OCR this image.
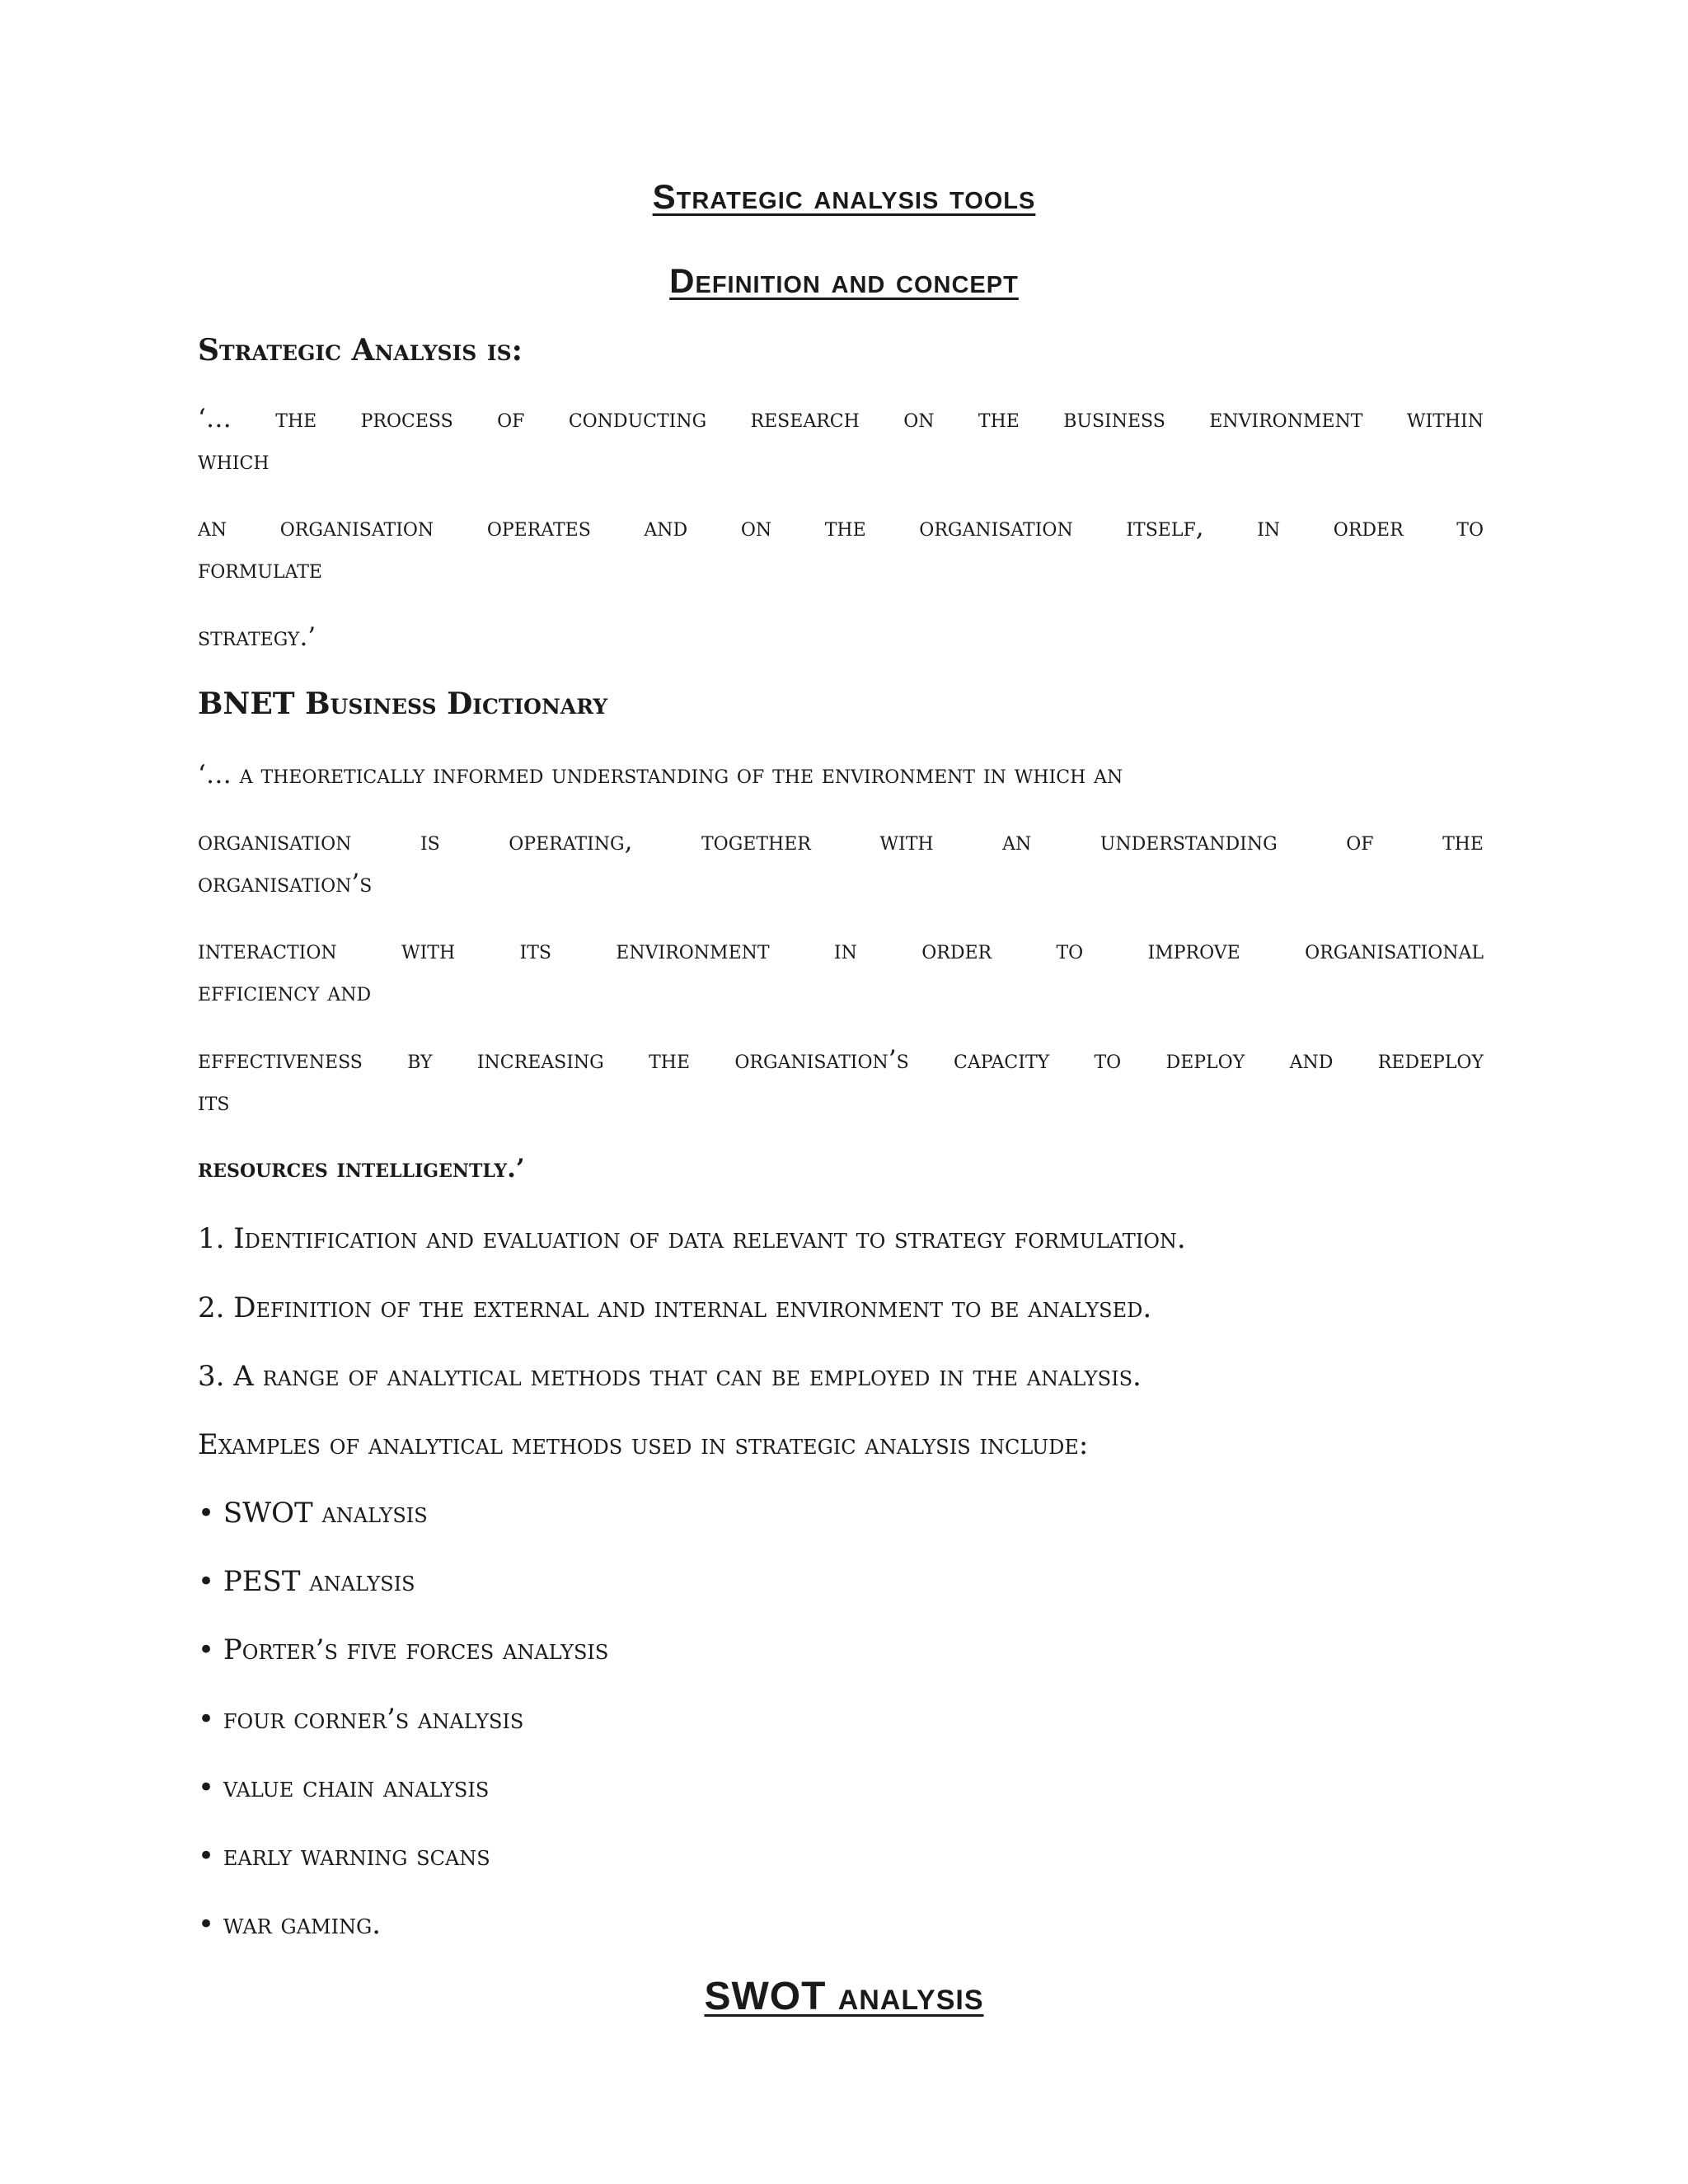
Strategic analysis tools
Definition and concept
Strategic Analysis is:
‘… the process of conducting research on the business environment within
which
an organisation operates and on the organisation itself, in order to
formulate
strategy.’
BNET Business Dictionary
‘… a theoretically informed understanding of the environment in which an
organisation is operating, together with an understanding of the
organisation’s
interaction with its environment in order to improve organisational
efficiency and
effectiveness by increasing the organisation’s capacity to deploy and redeploy
its
resources intelligently.’
1. Identification and evaluation of data relevant to strategy formulation.
2. Definition of the external and internal environment to be analysed.
3. A range of analytical methods that can be employed in the analysis.
Examples of analytical methods used in strategic analysis include:
• SWOT analysis
• PEST analysis
• Porter’s five forces analysis
• four corner’s analysis
• value chain analysis
• early warning scans
• war gaming.
SWOT analysis
